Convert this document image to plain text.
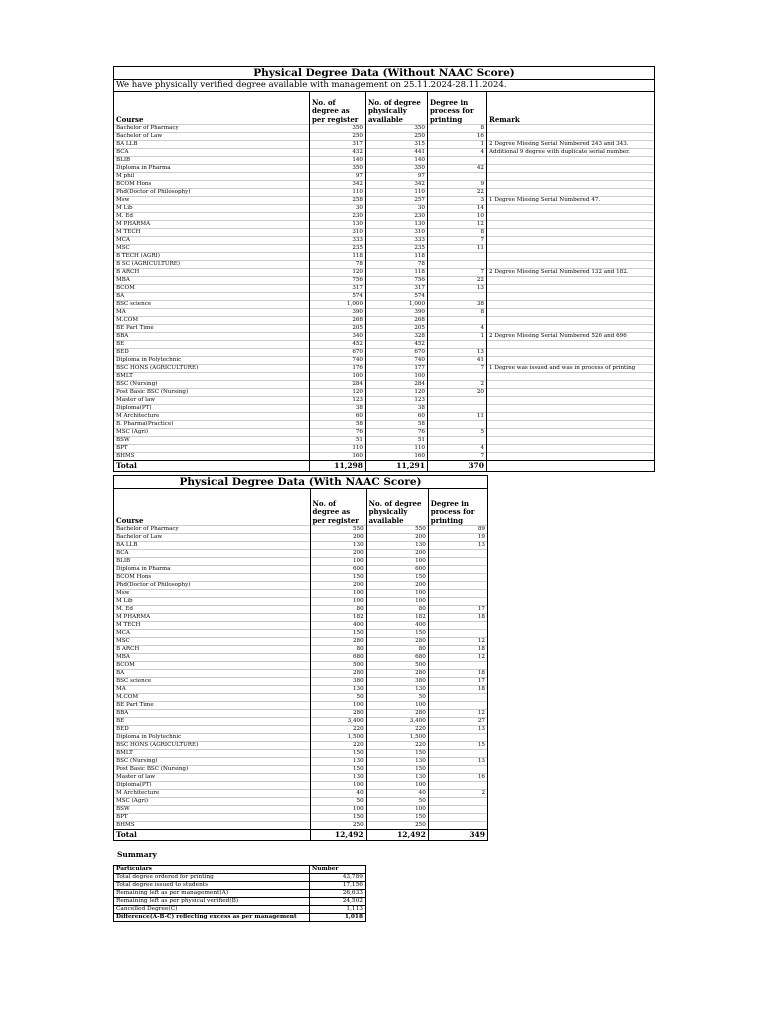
Physical Degree Data (Without NAAC Score)				
We have physically verified degree available with management on 25.11.2024-28.11.2024.				
Course	No. of degree as per register	No. of degree physically available	Degree in process for printing	Remark
Bachelor of Pharmacy	350	350	8	
Bachelor of Law	250	250	16	
BA LLB	317	315	1	2 Degree Missing Serial Numbered 243 and 343.
BCA	432	441	4	Additional 9 degree with duplicate serial number.
BLIB	140	140		
Diploma in Pharma	350	350	42	
M phil	97	97		
BCOM Hons	342	342	9	
Phd(Doctor of Philosophy)	110	110	22	
Msw	258	257	3	1 Degree Missing Serial Numbered 47.
M Lib	30	30	14	
M. Ed	230	230	10	
M PHARMA	130	130	12	
M TECH	310	310	8	
MCA	333	333	7	
MSC	235	235	11	
B TECH (AGRI)	118	118		
B SC (AGRICULTURE)	78	78		
B ARCH	120	118	7	2 Degree Missing Serial Numbered 132 and 182.
MBA	756	756	22	
BCOM	317	317	13	
BA	574	574		
BSC science	1,000	1,000	38	
MA	390	390	8	
M.COM	268	268		
BE Part Time	205	205	4	
BBA	340	328	1	2 Degree Missing Serial Numbered 526 and 696
BE	452	452		
BED	670	670	13	
Diploma in Polytechnic	740	740	41	
BSC HONS (AGRICULTURE)	176	177	7	1 Degree was issued and was in process of printing
BMLT	100	100		
BSC (Nursing)	284	284	2	
Post Basic BSC (Nursing)	120	120	20	
Master of law	123	123		
Diploma(PT)	38	38		
M Architecture	60	60	11	
B. Pharma(Practice)	58	58		
MSC (Agri)	76	76	5	
BSW	51	51		
BPT	110	110	4	
BHMS	160	160	7	
Total	11,298	11,291	370	
Physical Degree Data (With NAAC Score)			
Course	No. of degree as per register	No. of degree physically available	Degree in process for printing
Bachelor of Pharmacy	550	550	89
Bachelor of Law	200	200	19
BA LLB	130	130	13
BCA	200	200	
BLIB	100	100	
Diploma in Pharma	600	600	
BCOM Hons	150	150	
Phd(Doctor of Philosophy)	200	200	
Msw	100	100	
M Lib	100	100	
M. Ed	80	80	17
M PHARMA	182	182	18
M TECH	400	400	
MCA	150	150	
MSC	280	280	12
B ARCH	80	80	18
MBA	680	680	12
BCOM	500	500	
BA	280	280	18
BSC science	380	380	17
MA	130	130	18
M.COM	50	50	
BE Part Time	100	100	
BBA	280	280	12
BE	3,400	3,400	27
BED	220	220	13
Diploma in Polytechnic	1,500	1,500	
BSC HONS (AGRICULTURE)	220	220	15
BMLT	150	150	
BSC (Nursing)	130	130	13
Post Basic BSC (Nursing)	150	150	
Master of law	130	130	16
Diploma(PT)	100	100	
M Architecture	40	40	2
MSC (Agri)	50	50	
BSW	100	100	
BPT	150	150	
BHMS	250	250	
Total	12,492	12,492	349
Summary
Particulars	Number
Total degree ordered for printing	43,789
Total degree issued to students	17,156
Remaining left as per management(A)	26,633
Remaining left as per physical verified(B)	24,502
Cancelled Degree(C)	1,113
Difference(A-B-C) reflecting excess as per management	1,018
